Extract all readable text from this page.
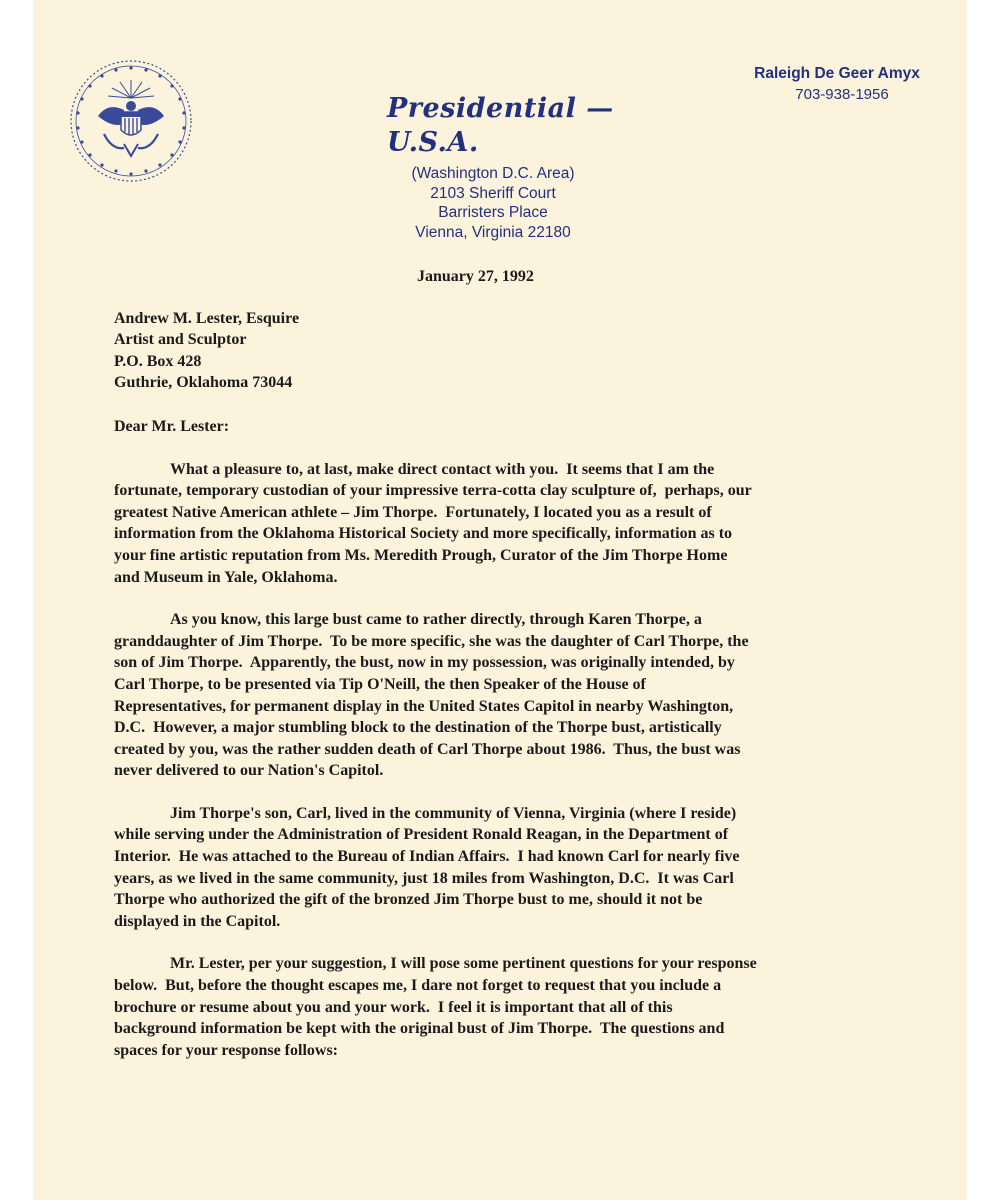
Presidential — U.S.A.
(Washington D.C. Area)
2103 Sheriff Court
Barristers Place
Vienna, Virginia 22180
Raleigh De Geer Amyx
703-938-1956
January 27, 1992
Andrew M. Lester, Esquire
Artist and Sculptor
P.O. Box 428
Guthrie, Oklahoma 73044
Dear Mr. Lester:

What a pleasure to, at last, make direct contact with you.  It seems that I am the

fortunate, temporary custodian of your impressive terra-cotta clay sculpture of,  perhaps, our

greatest Native American athlete – Jim Thorpe.  Fortunately, I located you as a result of

information from the Oklahoma Historical Society and more specifically, information as to

your fine artistic reputation from Ms. Meredith Prough, Curator of the Jim Thorpe Home

and Museum in Yale, Oklahoma.

As you know, this large bust came to rather directly, through Karen Thorpe, a

granddaughter of Jim Thorpe.  To be more specific, she was the daughter of Carl Thorpe, the

son of Jim Thorpe.  Apparently, the bust, now in my possession, was originally intended, by

Carl Thorpe, to be presented via Tip O'Neill, the then Speaker of the House of

Representatives, for permanent display in the United States Capitol in nearby Washington,

D.C.  However, a major stumbling block to the destination of the Thorpe bust, artistically

created by you, was the rather sudden death of Carl Thorpe about 1986.  Thus, the bust was

never delivered to our Nation's Capitol.

Jim Thorpe's son, Carl, lived in the community of Vienna, Virginia (where I reside)

while serving under the Administration of President Ronald Reagan, in the Department of

Interior.  He was attached to the Bureau of Indian Affairs.  I had known Carl for nearly five

years, as we lived in the same community, just 18 miles from Washington, D.C.  It was Carl

Thorpe who authorized the gift of the bronzed Jim Thorpe bust to me, should it not be

displayed in the Capitol.

Mr. Lester, per your suggestion, I will pose some pertinent questions for your response

below.  But, before the thought escapes me, I dare not forget to request that you include a

brochure or resume about you and your work.  I feel it is important that all of this

background information be kept with the original bust of Jim Thorpe.  The questions and

spaces for your response follows:
